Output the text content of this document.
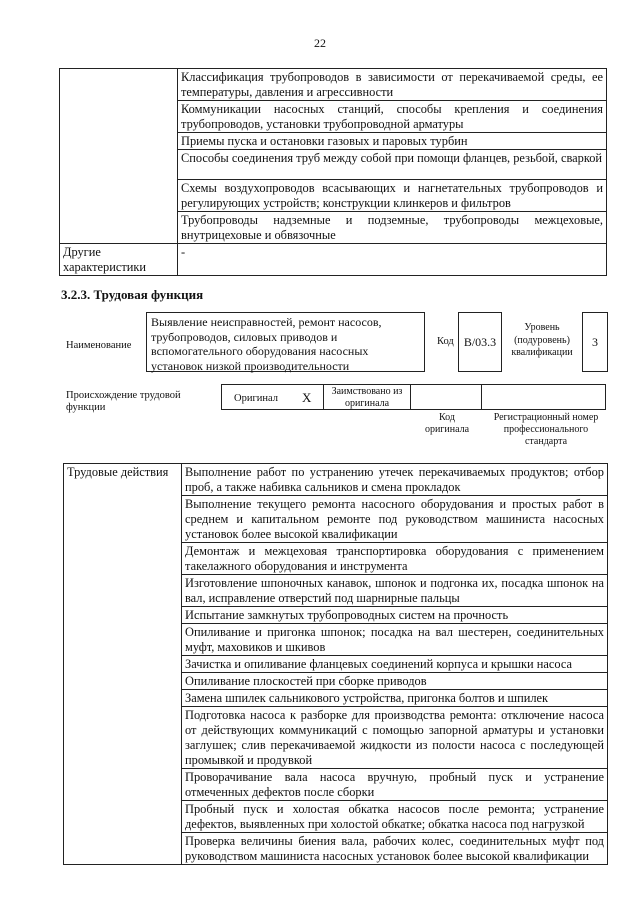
22
	Классификация трубопроводов в зависимости от перекачиваемой среды, ее температуры, давления и агрессивности
	Коммуникации насосных станций, способы крепления и соединения трубопроводов, установки трубопроводной арматуры
	Приемы пуска и остановки газовых и паровых турбин
	Способы соединения труб между собой при помощи фланцев, резьбой, сваркой
	Схемы воздухопроводов всасывающих и нагнетательных трубопроводов и регулирующих устройств; конструкции клинкеров и фильтров
	Трубопроводы надземные и подземные, трубопроводы межцеховые, внутрицеховые и обвязочные
Другие характеристики	-
3.2.3. Трудовая функция
Наименование
Выявление неисправностей, ремонт насосов, трубопроводов, силовых приводов и вспомогательного оборудования насосных установок низкой производительности
Код B/03.3
Уровень (подуровень) квалификации
3
Происхождение трудовой функции
Оригинал X	Заимствовано из оригинала
Код оригинала
Регистрационный номер профессионального стандарта
Трудовые действия	Выполнение работ по устранению утечек перекачиваемых продуктов; отбор проб, а также набивка сальников и смена прокладок
Выполнение текущего ремонта насосного оборудования и простых работ в среднем и капитальном ремонте под руководством машиниста насосных установок более высокой квалификации
Демонтаж и межцеховая транспортировка оборудования с применением такелажного оборудования и инструмента
Изготовление шпоночных канавок, шпонок и подгонка их, посадка шпонок на вал, исправление отверстий под шарнирные пальцы
Испытание замкнутых трубопроводных систем на прочность
Опиливание и пригонка шпонок; посадка на вал шестерен, соединительных муфт, маховиков и шкивов
Зачистка и опиливание фланцевых соединений корпуса и крышки насоса
Опиливание плоскостей при сборке приводов
Замена шпилек сальникового устройства, пригонка болтов и шпилек
Подготовка насоса к разборке для производства ремонта: отключение насоса от действующих коммуникаций с помощью запорной арматуры и установки заглушек; слив перекачиваемой жидкости из полости насоса с последующей промывкой и продувкой
Проворачивание вала насоса вручную, пробный пуск и устранение отмеченных дефектов после сборки
Пробный пуск и холостая обкатка насосов после ремонта; устранение дефектов, выявленных при холостой обкатке; обкатка насоса под нагрузкой
Проверка величины биения вала, рабочих колес, соединительных муфт под руководством машиниста насосных установок более высокой квалификации
